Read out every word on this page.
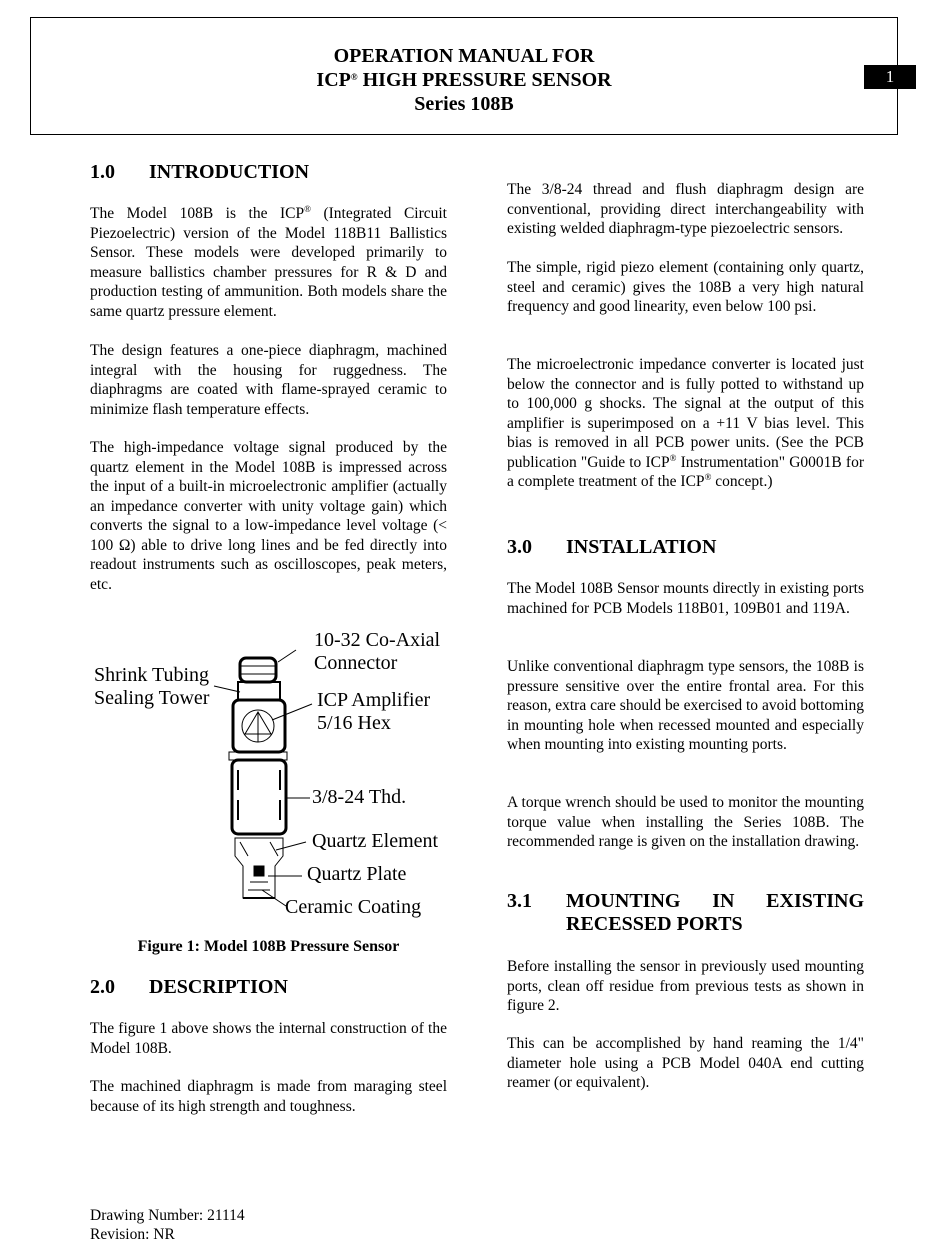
OPERATION MANUAL FOR
ICP® HIGH PRESSURE SENSOR
Series 108B
1
1.0 INTRODUCTION
The Model 108B is the ICP® (Integrated Circuit Piezoelectric) version of the Model 118B11 Ballistics Sensor. These models were developed primarily to measure ballistics chamber pressures for R & D and production testing of ammunition. Both models share the same quartz pressure element.
The design features a one-piece diaphragm, machined integral with the housing for ruggedness. The diaphragms are coated with flame-sprayed ceramic to minimize flash temperature effects.
The high-impedance voltage signal produced by the quartz element in the Model 108B is impressed across the input of a built-in microelectronic amplifier (actually an impedance converter with unity voltage gain) which converts the signal to a low-impedance level voltage (< 100 Ω) able to drive long lines and be fed directly into readout instruments such as oscilloscopes, peak meters, etc.
10-32 Co-Axial
Connector
Shrink Tubing
Sealing Tower	ICP Amplifier
5/16 Hex
3/8-24 Thd.
Quartz Element
Quartz Plate
Ceramic Coating
Figure 1: Model 108B Pressure Sensor
2.0 DESCRIPTION
The figure 1 above shows the internal construction of the Model 108B.
The machined diaphragm is made from maraging steel because of its high strength and toughness.
Drawing Number: 21114
Revision: NR
The 3/8-24 thread and flush diaphragm design are conventional, providing direct interchangeability with existing welded diaphragm-type piezoelectric sensors.
The simple, rigid piezo element (containing only quartz, steel and ceramic) gives the 108B a very high natural frequency and good linearity, even below 100 psi.
The microelectronic impedance converter is located just below the connector and is fully potted to withstand up to 100,000 g shocks. The signal at the output of this amplifier is superimposed on a +11 V bias level. This bias is removed in all PCB power units. (See the PCB publication "Guide to ICP® Instrumentation" G0001B for a complete treatment of the ICP® concept.)
3.0 INSTALLATION
The Model 108B Sensor mounts directly in existing ports machined for PCB Models 118B01, 109B01 and 119A.
Unlike conventional diaphragm type sensors, the 108B is pressure sensitive over the entire frontal area. For this reason, extra care should be exercised to avoid bottoming in mounting hole when recessed mounted and especially when mounting into existing mounting ports.
A torque wrench should be used to monitor the mounting torque value when installing the Series 108B. The recommended range is given on the installation drawing.
3.1	MOUNTING IN EXISTING
RECESSED PORTS
Before installing the sensor in previously used mounting ports, clean off residue from previous tests as shown in figure 2.
This can be accomplished by hand reaming the 1/4" diameter hole using a PCB Model 040A end cutting reamer (or equivalent).
